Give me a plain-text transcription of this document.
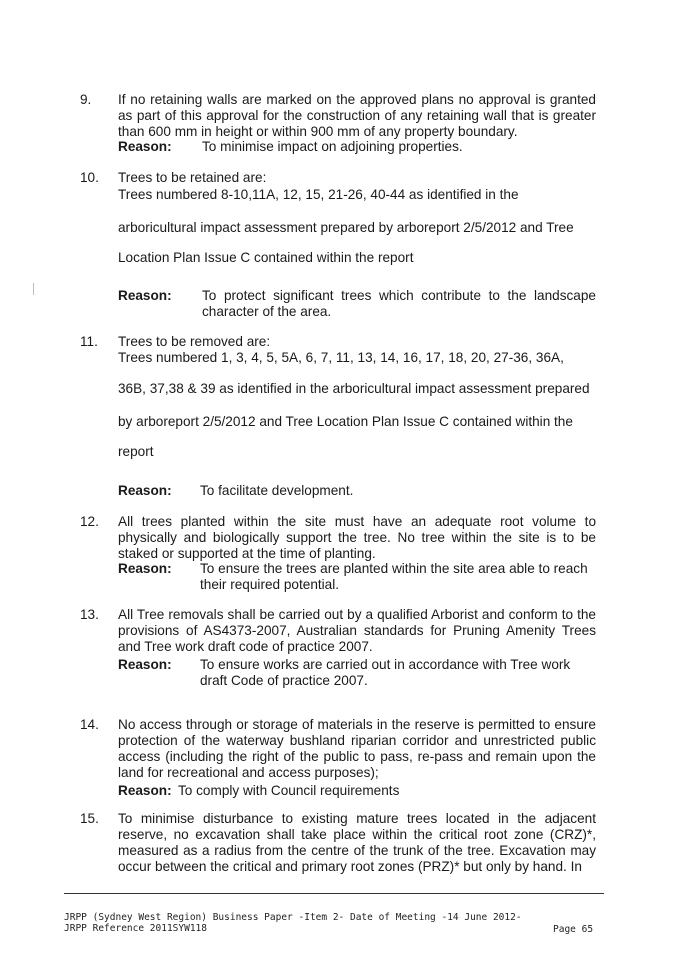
9.	If no retaining walls are marked on the approved plans no approval is granted as part of this approval for the construction of any retaining wall that is greater than 600 mm in height or within 900 mm of any property boundary.
Reason: To minimise impact on adjoining properties.
10.	Trees to be retained are:
Trees numbered 8-10,11A, 12, 15, 21-26, 40-44 as identified in the
arboricultural impact assessment prepared by arboreport 2/5/2012 and Tree
Location Plan Issue C contained within the report
Reason: To protect significant trees which contribute to the landscape character of the area.
11.	Trees to be removed are:
Trees numbered 1, 3, 4, 5, 5A, 6, 7, 11, 13, 14, 16, 17, 18, 20, 27-36, 36A,
36B, 37,38 & 39 as identified in the arboricultural impact assessment prepared
by arboreport 2/5/2012 and Tree Location Plan Issue C contained within the
report
Reason: To facilitate development.
12.	All trees planted within the site must have an adequate root volume to physically and biologically support the tree. No tree within the site is to be staked or supported at the time of planting.
Reason: To ensure the trees are planted within the site area able to reach their required potential.
13.	All Tree removals shall be carried out by a qualified Arborist and conform to the provisions of AS4373-2007, Australian standards for Pruning Amenity Trees and Tree work draft code of practice 2007.
Reason: To ensure works are carried out in accordance with Tree work draft Code of practice 2007.
14.	No access through or storage of materials in the reserve is permitted to ensure protection of the waterway bushland riparian corridor and unrestricted public access (including the right of the public to pass, re-pass and remain upon the land for recreational and access purposes);
Reason: To comply with Council requirements
15.	To minimise disturbance to existing mature trees located in the adjacent reserve, no excavation shall take place within the critical root zone (CRZ)*, measured as a radius from the centre of the trunk of the tree. Excavation may occur between the critical and primary root zones (PRZ)* but only by hand. In
JRPP (Sydney West Region) Business Paper -Item 2- Date of Meeting -14 June 2012-
JRPP Reference 2011SYW118	Page 65
